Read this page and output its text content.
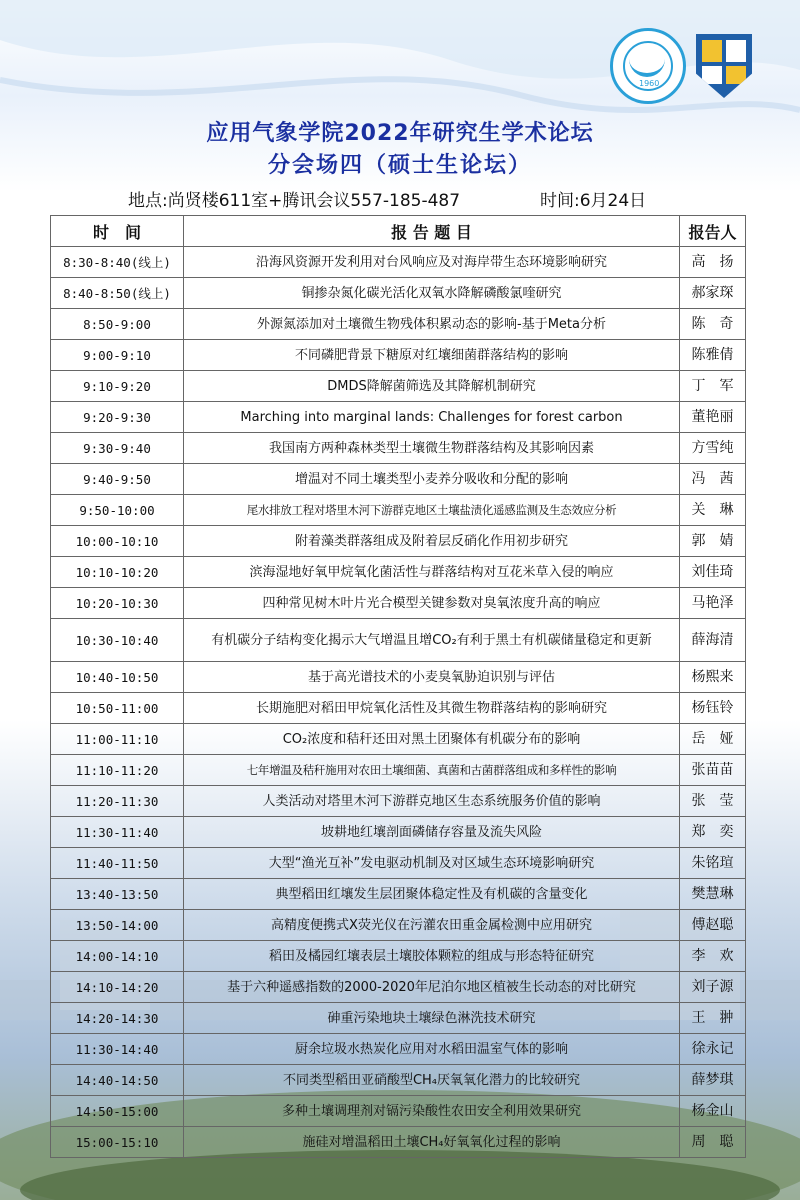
1960
应用气象学院2022年研究生学术论坛
分会场四（硕士生论坛）
地点:尚贤楼611室+腾讯会议557-185-487	时间:6月24日
时　间	报 告 题 目	报告人
8:30-8:40(线上)	沿海风资源开发利用对台风响应及对海岸带生态环境影响研究	高　扬
8:40-8:50(线上)	铜掺杂氮化碳光活化双氧水降解磷酸氯喹研究	郝家琛
8:50-9:00	外源氮添加对土壤微生物残体积累动态的影响-基于Meta分析	陈　奇
9:00-9:10	不同磷肥背景下糖原对红壤细菌群落结构的影响	陈雅倩
9:10-9:20	DMDS降解菌筛选及其降解机制研究	丁　军
9:20-9:30	Marching into marginal lands: Challenges for forest carbon	董艳丽
9:30-9:40	我国南方两种森林类型土壤微生物群落结构及其影响因素	方雪纯
9:40-9:50	增温对不同土壤类型小麦养分吸收和分配的影响	冯　茜
9:50-10:00	尾水排放工程对塔里木河下游群克地区土壤盐渍化遥感监测及生态效应分析	关　琳
10:00-10:10	附着藻类群落组成及附着层反硝化作用初步研究	郭　婧
10:10-10:20	滨海湿地好氧甲烷氧化菌活性与群落结构对互花米草入侵的响应	刘佳琦
10:20-10:30	四种常见树木叶片光合模型关键参数对臭氧浓度升高的响应	马艳泽
10:30-10:40	有机碳分子结构变化揭示大气增温且增CO₂有利于黑土有机碳储量稳定和更新	薛海清
10:40-10:50	基于高光谱技术的小麦臭氧胁迫识别与评估	杨熙来
10:50-11:00	长期施肥对稻田甲烷氧化活性及其微生物群落结构的影响研究	杨钰铃
11:00-11:10	CO₂浓度和秸秆还田对黑土团聚体有机碳分布的影响	岳　娅
11:10-11:20	七年增温及秸秆施用对农田土壤细菌、真菌和古菌群落组成和多样性的影响	张苗苗
11:20-11:30	人类活动对塔里木河下游群克地区生态系统服务价值的影响	张　莹
11:30-11:40	坡耕地红壤剖面磷储存容量及流失风险	郑　奕
11:40-11:50	大型“渔光互补”发电驱动机制及对区域生态环境影响研究	朱铭瑄
13:40-13:50	典型稻田红壤发生层团聚体稳定性及有机碳的含量变化	樊慧琳
13:50-14:00	高精度便携式X荧光仪在污灌农田重金属检测中应用研究	傅赵聪
14:00-14:10	稻田及橘园红壤表层土壤胶体颗粒的组成与形态特征研究	李　欢
14:10-14:20	基于六种遥感指数的2000-2020年尼泊尔地区植被生长动态的对比研究	刘子源
14:20-14:30	砷重污染地块土壤绿色淋洗技术研究	王　翀
11:30-14:40	厨余垃圾水热炭化应用对水稻田温室气体的影响	徐永记
14:40-14:50	不同类型稻田亚硝酸型CH₄厌氧氧化潜力的比较研究	薛梦琪
14:50-15:00	多种土壤调理剂对镉污染酸性农田安全利用效果研究	杨金山
15:00-15:10	施硅对增温稻田土壤CH₄好氧氧化过程的影响	周　聪
